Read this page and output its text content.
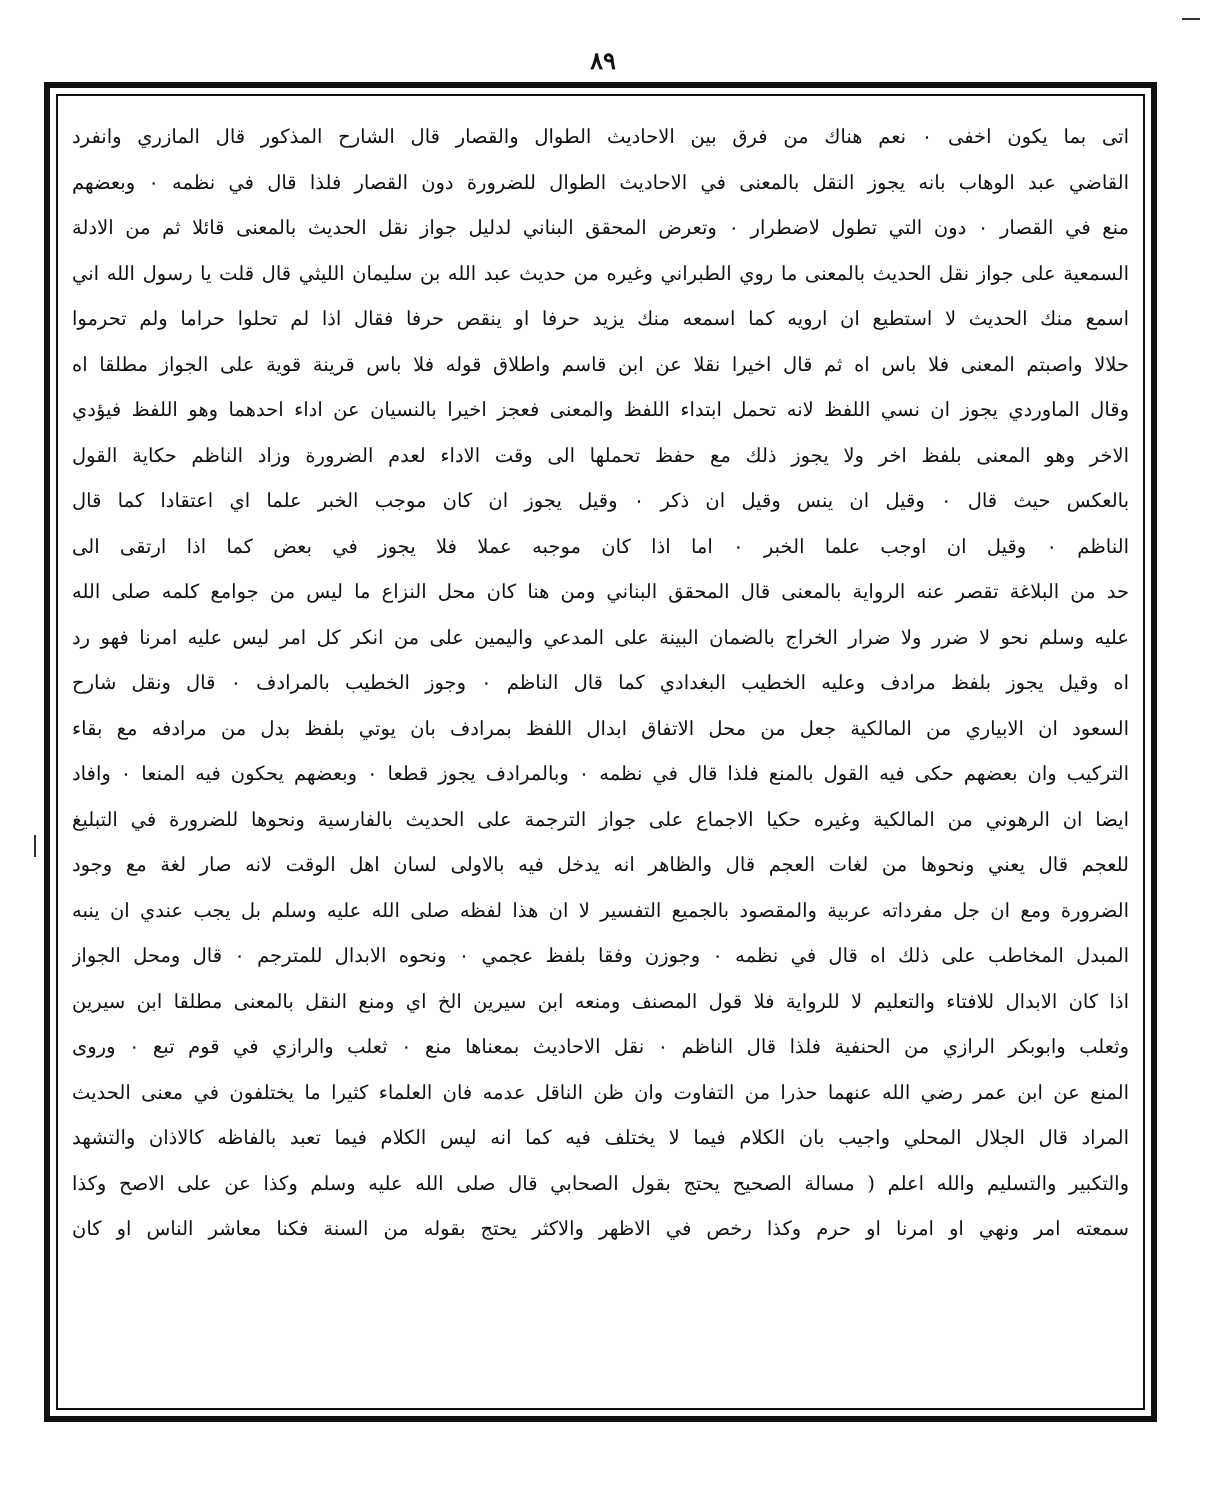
٨٩
اتى بما يكون اخفى ٠ نعم هناك من فرق بين الاحاديث الطوال والقصار قال الشارح المذكور قال المازري وانفرد
القاضي عبد الوهاب بانه يجوز النقل بالمعنى في الاحاديث الطوال للضرورة دون القصار فلذا قال في نظمه ٠ وبعضهم
منع في القصار ٠ دون التي تطول لاضطرار ٠ وتعرض المحقق البناني لدليل جواز نقل الحديث بالمعنى قائلا ثم من الادلة
السمعية على جواز نقل الحديث بالمعنى ما روي الطبراني وغيره من حديث عبد الله بن سليمان الليثي قال قلت يا رسول الله اني
اسمع منك الحديث لا استطيع ان ارويه كما اسمعه منك يزيد حرفا او ينقص حرفا فقال اذا لم تحلوا حراما ولم تحرموا
حلالا واصبتم المعنى فلا باس اه ثم قال اخيرا نقلا عن ابن قاسم واطلاق قوله فلا باس قرينة قوية على الجواز مطلقا اه
وقال الماوردي يجوز ان نسي اللفظ لانه تحمل ابتداء اللفظ والمعنى فعجز اخيرا بالنسيان عن اداء احدهما وهو اللفظ فيؤدي
الاخر وهو المعنى بلفظ اخر ولا يجوز ذلك مع حفظ تحملها الى وقت الاداء لعدم الضرورة وزاد الناظم حكاية القول
بالعكس حيث قال ٠ وقيل ان ينس وقيل ان ذكر ٠ وقيل يجوز ان كان موجب الخبر علما اي اعتقادا كما قال
الناظم ٠ وقيل ان اوجب علما الخبر ٠ اما اذا كان موجبه عملا فلا يجوز في بعض كما اذا ارتقى الى
حد من البلاغة تقصر عنه الرواية بالمعنى قال المحقق البناني ومن هنا كان محل النزاع ما ليس من جوامع كلمه صلى الله
عليه وسلم نحو لا ضرر ولا ضرار الخراج بالضمان البينة على المدعي واليمين على من انكر كل امر ليس عليه امرنا فهو رد
اه وقيل يجوز بلفظ مرادف وعليه الخطيب البغدادي كما قال الناظم ٠ وجوز الخطيب بالمرادف ٠ قال ونقل شارح
السعود ان الابياري من المالكية جعل من محل الاتفاق ابدال اللفظ بمرادف بان يوتي بلفظ بدل من مرادفه مع بقاء
التركيب وان بعضهم حكى فيه القول بالمنع فلذا قال في نظمه ٠ وبالمرادف يجوز قطعا ٠ وبعضهم يحكون فيه المنعا ٠ وافاد
ايضا ان الرهوني من المالكية وغيره حكيا الاجماع على جواز الترجمة على الحديث بالفارسية ونحوها للضرورة في التبليغ
للعجم قال يعني ونحوها من لغات العجم قال والظاهر انه يدخل فيه بالاولى لسان اهل الوقت لانه صار لغة مع وجود
الضرورة ومع ان جل مفرداته عربية والمقصود بالجميع التفسير لا ان هذا لفظه صلى الله عليه وسلم بل يجب عندي ان ينبه
المبدل المخاطب على ذلك اه قال في نظمه ٠ وجوزن وفقا بلفظ عجمي ٠ ونحوه الابدال للمترجم ٠ قال ومحل الجواز
اذا كان الابدال للافتاء والتعليم لا للرواية فلا قول المصنف ومنعه ابن سيرين الخ اي ومنع النقل بالمعنى مطلقا ابن سيرين
وثعلب وابوبكر الرازي من الحنفية فلذا قال الناظم ٠ نقل الاحاديث بمعناها منع ٠ ثعلب والرازي في قوم تبع ٠ وروى
المنع عن ابن عمر رضي الله عنهما حذرا من التفاوت وان ظن الناقل عدمه فان العلماء كثيرا ما يختلفون في معنى الحديث
المراد قال الجلال المحلي واجيب بان الكلام فيما لا يختلف فيه كما انه ليس الكلام فيما تعبد بالفاظه كالاذان والتشهد
والتكبير والتسليم والله اعلم ( مسالة الصحيح يحتج بقول الصحابي قال صلى الله عليه وسلم وكذا عن على الاصح وكذا
سمعته امر ونهي او امرنا او حرم وكذا رخص في الاظهر والاكثر يحتج بقوله من السنة فكنا معاشر الناس او كان
